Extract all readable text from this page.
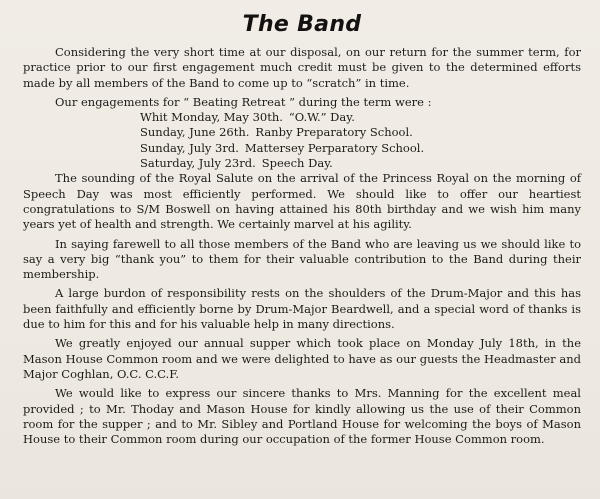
The Band

Considering the very short time at our disposal, on our return for the summer term, for practice prior to our first engagement much credit must be given to the determined efforts made by all members of the Band to come up to “scratch” in time.

Our engagements for “ Beating Retreat ” during the term were :

Whit Monday, May 30th. “O.W.” Day.
Sunday, June 26th. Ranby Preparatory School.
Sunday, July 3rd. Mattersey Perparatory School.
Saturday, July 23rd. Speech Day.

The sounding of the Royal Salute on the arrival of the Princess Royal on the morning of Speech Day was most efficiently performed. We should like to offer our heartiest congratulations to S/M Boswell on having attained his 80th birthday and we wish him many years yet of health and strength. We certainly marvel at his agility.

In saying farewell to all those members of the Band who are leaving us we should like to say a very big “thank you” to them for their valuable contribution to the Band during their membership.

A large burdon of responsibility rests on the shoulders of the Drum-Major and this has been faithfully and efficiently borne by Drum-Major Beardwell, and a special word of thanks is due to him for this and for his valuable help in many directions.

We greatly enjoyed our annual supper which took place on Monday July 18th, in the Mason House Common room and we were delighted to have as our guests the Headmaster and Major Coghlan, O.C. C.C.F.

We would like to express our sincere thanks to Mrs. Manning for the excellent meal provided ; to Mr. Thoday and Mason House for kindly allowing us the use of their Common room for the supper ; and to Mr. Sibley and Portland House for welcoming the boys of Mason House to their Common room during our occupation of the former House Common room.
